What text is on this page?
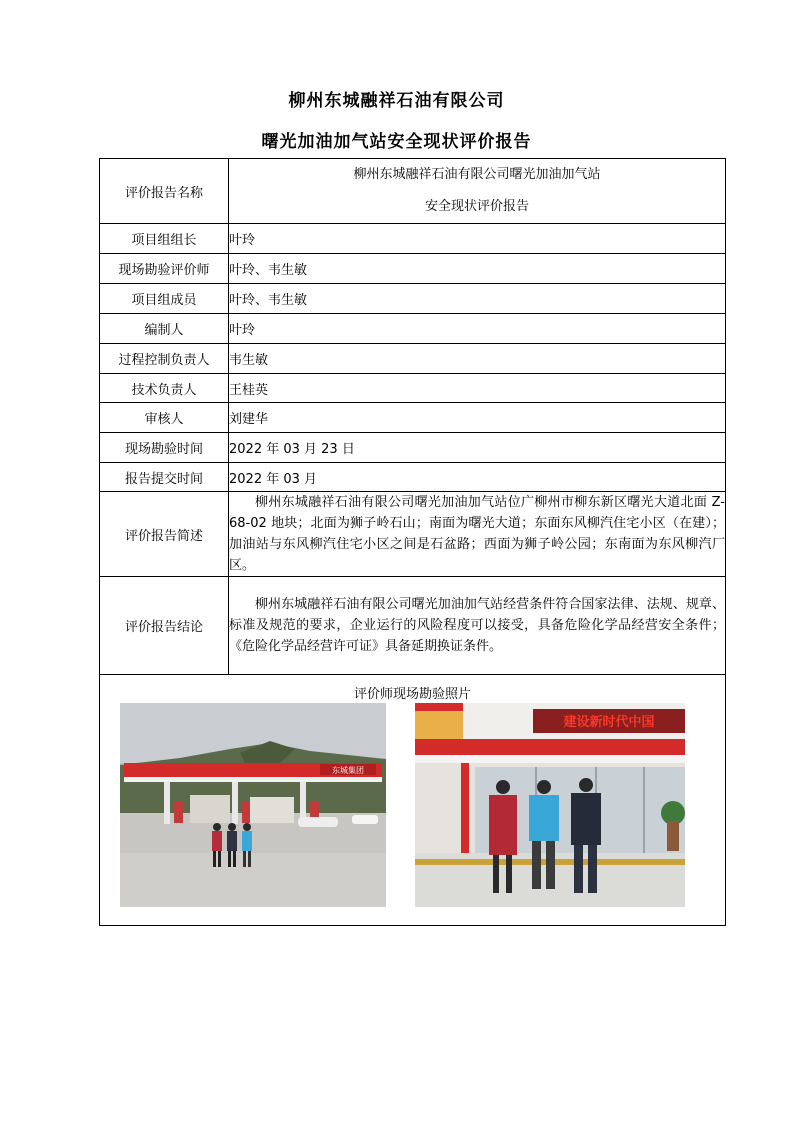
柳州东城融祥石油有限公司
曙光加油加气站安全现状评价报告
评价报告名称	柳州东城融祥石油有限公司曙光加油加气站
安全现状评价报告

项目组组长	叶玲
现场勘验评价师	叶玲、韦生敏
项目组成员	叶玲、韦生敏
编制人	叶玲
过程控制负责人	韦生敏
技术负责人	王桂英
审核人	刘建华
现场勘验时间	2022 年 03 月 23 日
报告提交时间	2022 年 03 月
评价报告简述	柳州东城融祥石油有限公司曙光加油加气站位广柳州市柳东新区曙光大道北面 Z-68-02 地块；北面为狮子岭石山；南面为曙光大道；东面东风柳汽住宅小区（在建）；加油站与东风柳汽住宅小区之间是石盆路；西面为狮子岭公园；东南面为东风柳汽厂区。
评价报告结论	柳州东城融祥石油有限公司曙光加油加气站经营条件符合国家法律、法规、规章、标准及规范的要求，企业运行的风险程度可以接受，具备危险化学品经营安全条件；《危险化学品经营许可证》具备延期换证条件。

评价师现场勘验照片
东城集团
建设新时代中国	
